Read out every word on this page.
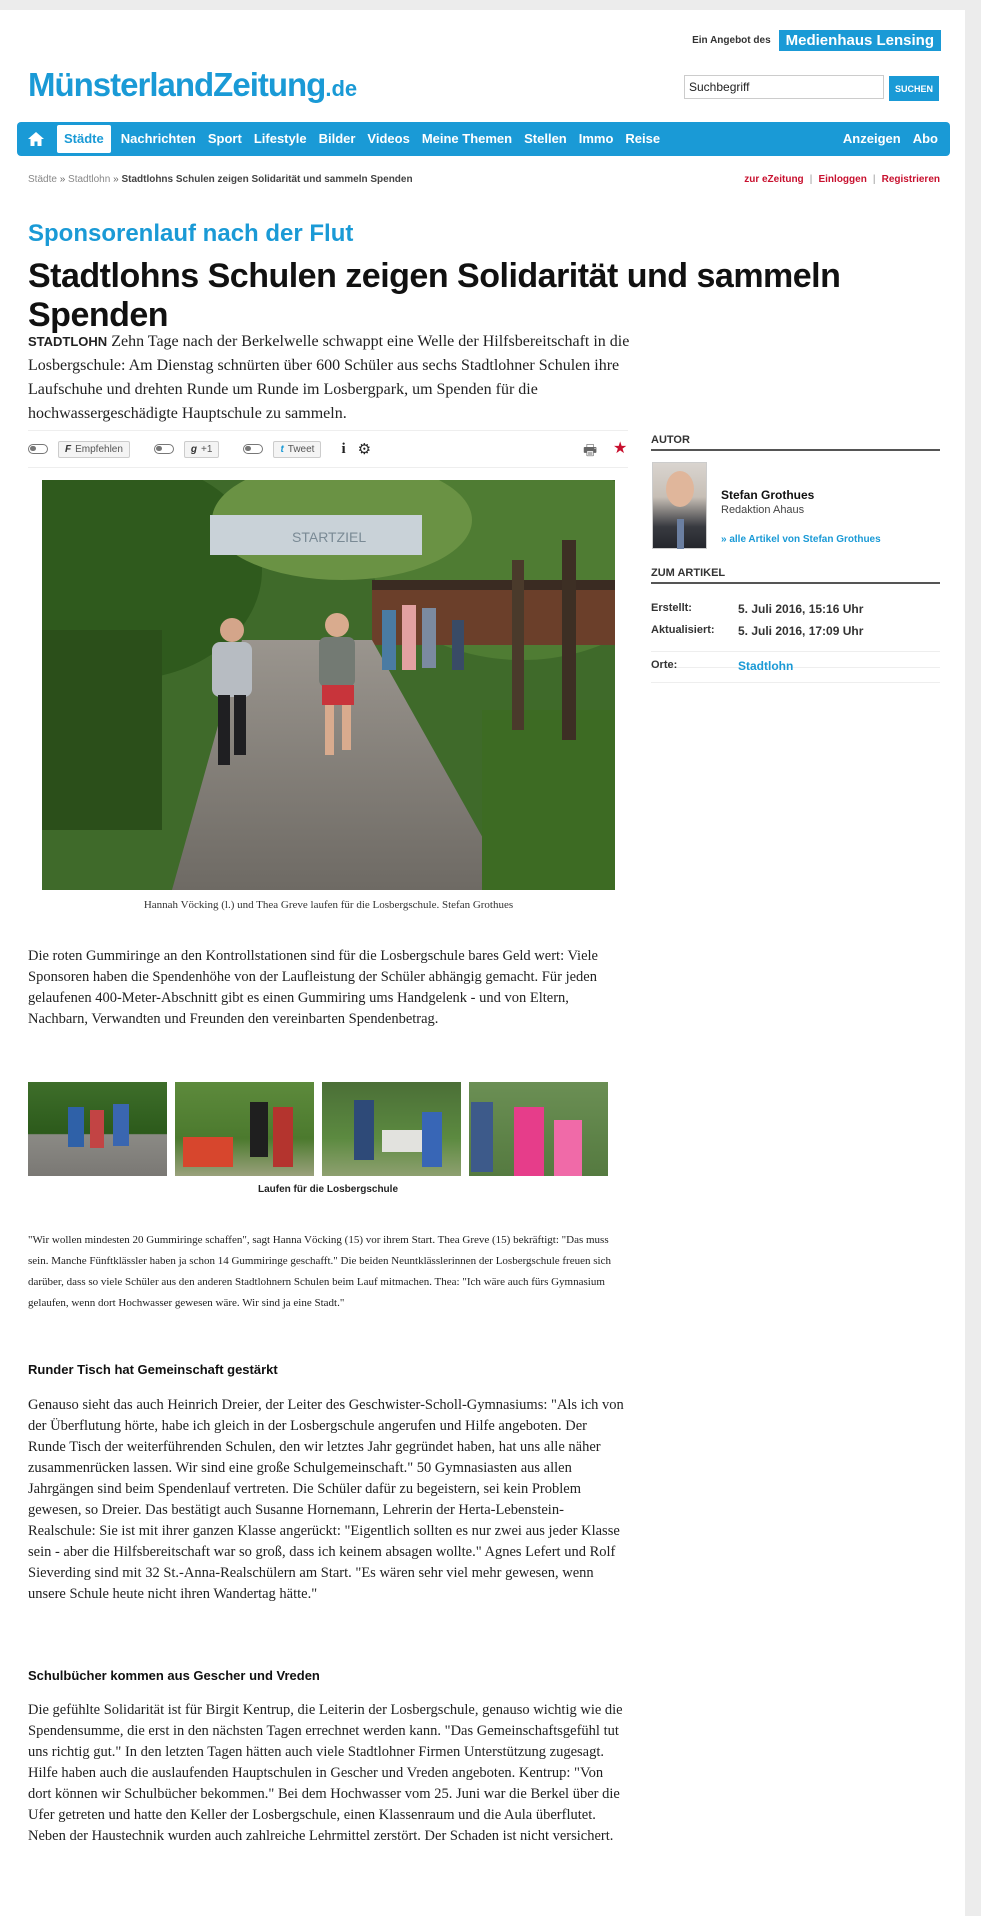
Ein Angebot des	Medienhaus Lensing
MünsterlandZeitung.de
Suchbegriff	SUCHEN
Städte	Nachrichten Sport Lifestyle Bilder Videos Meine Themen Stellen Immo Reise	Anzeigen Abo
Städte » Stadtlohn » Stadtlohns Schulen zeigen Solidarität und sammeln Spenden	zur eZeitung | Einloggen | Registrieren
Sponsorenlauf nach der Flut
Stadtlohns Schulen zeigen Solidarität und sammeln Spenden

STADTLOHN Zehn Tage nach der Berkelwelle schwappt eine Welle der Hilfsbereitschaft in die Losbergschule: Am Dienstag schnürten über 600 Schüler aus sechs Stadtlohner Schulen ihre Laufschuhe und drehten Runde um Runde im Losbergpark, um Spenden für die hochwassergeschädigte Hauptschule zu sammeln.

F Empfehlen	g +1	t Tweet	i ⚙	🖶 ★ AUTOR
Stefan Grothues
Redaktion Ahaus
» alle Artikel von Stefan Grothues
ZUM ARTIKEL
Erstellt:	5. Juli 2016, 15:16 Uhr
Aktualisiert: 5. Juli 2016, 17:09 Uhr
Orte:	Stadtlohn
STARTZIEL
Hannah Vöcking (l.) und Thea Greve laufen für die Losbergschule. Stefan Grothues

Die roten Gummiringe an den Kontrollstationen sind für die Losbergschule bares Geld wert: Viele Sponsoren haben die Spendenhöhe von der Laufleistung der Schüler abhängig gemacht. Für jeden gelaufenen 400-Meter-Abschnitt gibt es einen Gummiring ums Handgelenk - und von Eltern, Nachbarn, Verwandten und Freunden den vereinbarten Spendenbetrag.

Laufen für die Losbergschule

"Wir wollen mindesten 20 Gummiringe schaffen", sagt Hanna Vöcking (15) vor ihrem Start. Thea Greve (15) bekräftigt: "Das muss sein. Manche Fünftklässler haben ja schon 14 Gummiringe geschafft." Die beiden Neuntklässlerinnen der Losbergschule freuen sich darüber, dass so viele Schüler aus den anderen Stadtlohnern Schulen beim Lauf mitmachen. Thea: "Ich wäre auch fürs Gymnasium gelaufen, wenn dort Hochwasser gewesen wäre. Wir sind ja eine Stadt."

Runder Tisch hat Gemeinschaft gestärkt

Genauso sieht das auch Heinrich Dreier, der Leiter des Geschwister-Scholl-Gymnasiums: "Als ich von der Überflutung hörte, habe ich gleich in der Losbergschule angerufen und Hilfe angeboten. Der Runde Tisch der weiterführenden Schulen, den wir letztes Jahr gegründet haben, hat uns alle näher zusammenrücken lassen. Wir sind eine große Schulgemeinschaft." 50 Gymnasiasten aus allen Jahrgängen sind beim Spendenlauf vertreten. Die Schüler dafür zu begeistern, sei kein Problem gewesen, so Dreier. Das bestätigt auch Susanne Hornemann, Lehrerin der Herta-Lebenstein-Realschule: Sie ist mit ihrer ganzen Klasse angerückt: "Eigentlich sollten es nur zwei aus jeder Klasse sein - aber die Hilfsbereitschaft war so groß, dass ich keinem absagen wollte." Agnes Lefert und Rolf Sieverding sind mit 32 St.-Anna-Realschülern am Start. "Es wären sehr viel mehr gewesen, wenn unsere Schule heute nicht ihren Wandertag hätte."

Schulbücher kommen aus Gescher und Vreden

Die gefühlte Solidarität ist für Birgit Kentrup, die Leiterin der Losbergschule, genauso wichtig wie die Spendensumme, die erst in den nächsten Tagen errechnet werden kann. "Das Gemeinschaftsgefühl tut uns richtig gut." In den letzten Tagen hätten auch viele Stadtlohner Firmen Unterstützung zugesagt. Hilfe haben auch die auslaufenden Hauptschulen in Gescher und Vreden angeboten. Kentrup: "Von dort können wir Schulbücher bekommen." Bei dem Hochwasser vom 25. Juni war die Berkel über die Ufer getreten und hatte den Keller der Losbergschule, einen Klassenraum und die Aula überflutet. Neben der Haustechnik wurden auch zahlreiche Lehrmittel zerstört. Der Schaden ist nicht versichert.
